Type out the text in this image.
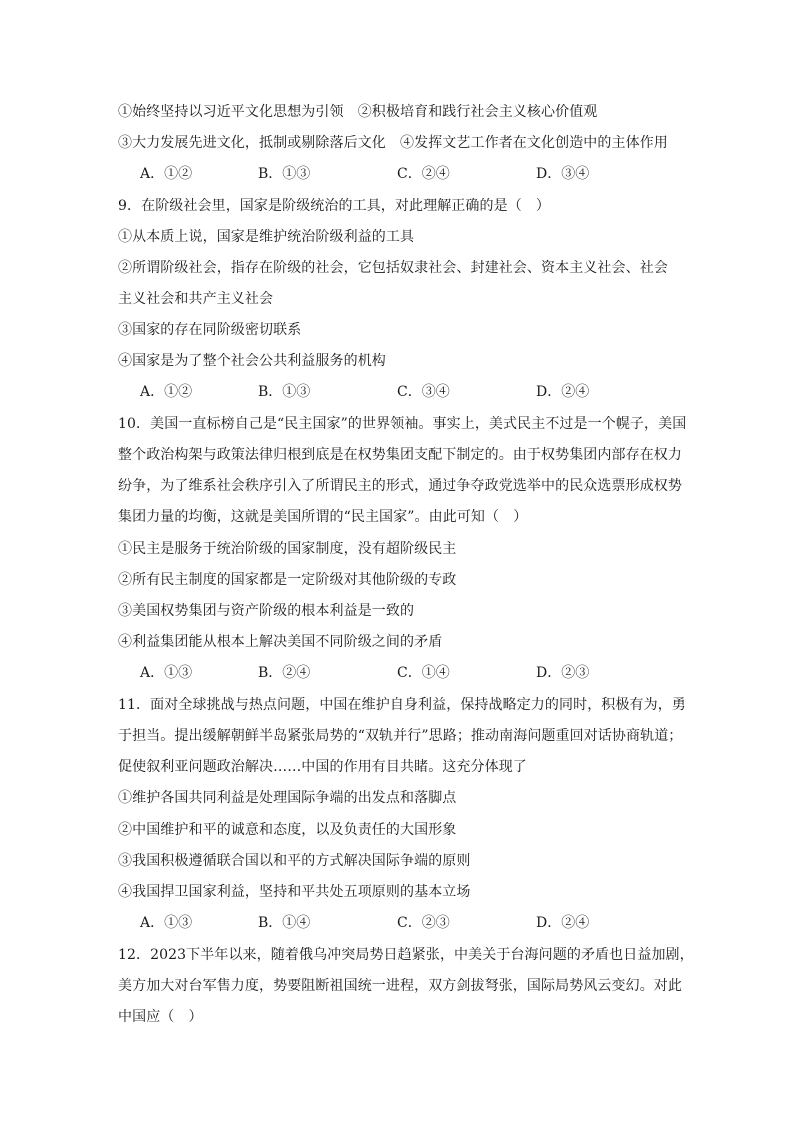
①始终坚持以习近平文化思想为引领　②积极培育和践行社会主义核心价值观
③大力发展先进文化，抵制或剔除落后文化　④发挥文艺工作者在文化创造中的主体作用
A．①②	B．①③	C．②④	D．③④
9．在阶级社会里，国家是阶级统治的工具，对此理解正确的是（　）
①从本质上说，国家是维护统治阶级利益的工具
②所谓阶级社会，指存在阶级的社会，它包括奴隶社会、封建社会、资本主义社会、社会
主义社会和共产主义社会
③国家的存在同阶级密切联系
④国家是为了整个社会公共利益服务的机构
A．①②	B．①③	C．③④	D．②④
10．美国一直标榜自己是“民主国家”的世界领袖。事实上，美式民主不过是一个幌子，美国
整个政治构架与政策法律归根到底是在权势集团支配下制定的。由于权势集团内部存在权力
纷争，为了维系社会秩序引入了所谓民主的形式，通过争夺政党选举中的民众选票形成权势
集团力量的均衡，这就是美国所谓的“民主国家”。由此可知（　）
①民主是服务于统治阶级的国家制度，没有超阶级民主
②所有民主制度的国家都是一定阶级对其他阶级的专政
③美国权势集团与资产阶级的根本利益是一致的
④利益集团能从根本上解决美国不同阶级之间的矛盾
A．①③	B．②④	C．①④	D．②③
11．面对全球挑战与热点问题，中国在维护自身利益，保持战略定力的同时，积极有为，勇
于担当。提出缓解朝鲜半岛紧张局势的“双轨并行”思路；推动南海问题重回对话协商轨道；
促使叙利亚问题政治解决……中国的作用有目共睹。这充分体现了
①维护各国共同利益是处理国际争端的出发点和落脚点
②中国维护和平的诚意和态度，以及负责任的大国形象
③我国积极遵循联合国以和平的方式解决国际争端的原则
④我国捍卫国家利益，坚持和平共处五项原则的基本立场
A．①③	B．①④	C．②③	D．②④
12．2023下半年以来，随着俄乌冲突局势日趋紧张，中美关于台海问题的矛盾也日益加剧，
美方加大对台军售力度，势要阻断祖国统一进程，双方剑拔弩张，国际局势风云变幻。对此
中国应（　）
